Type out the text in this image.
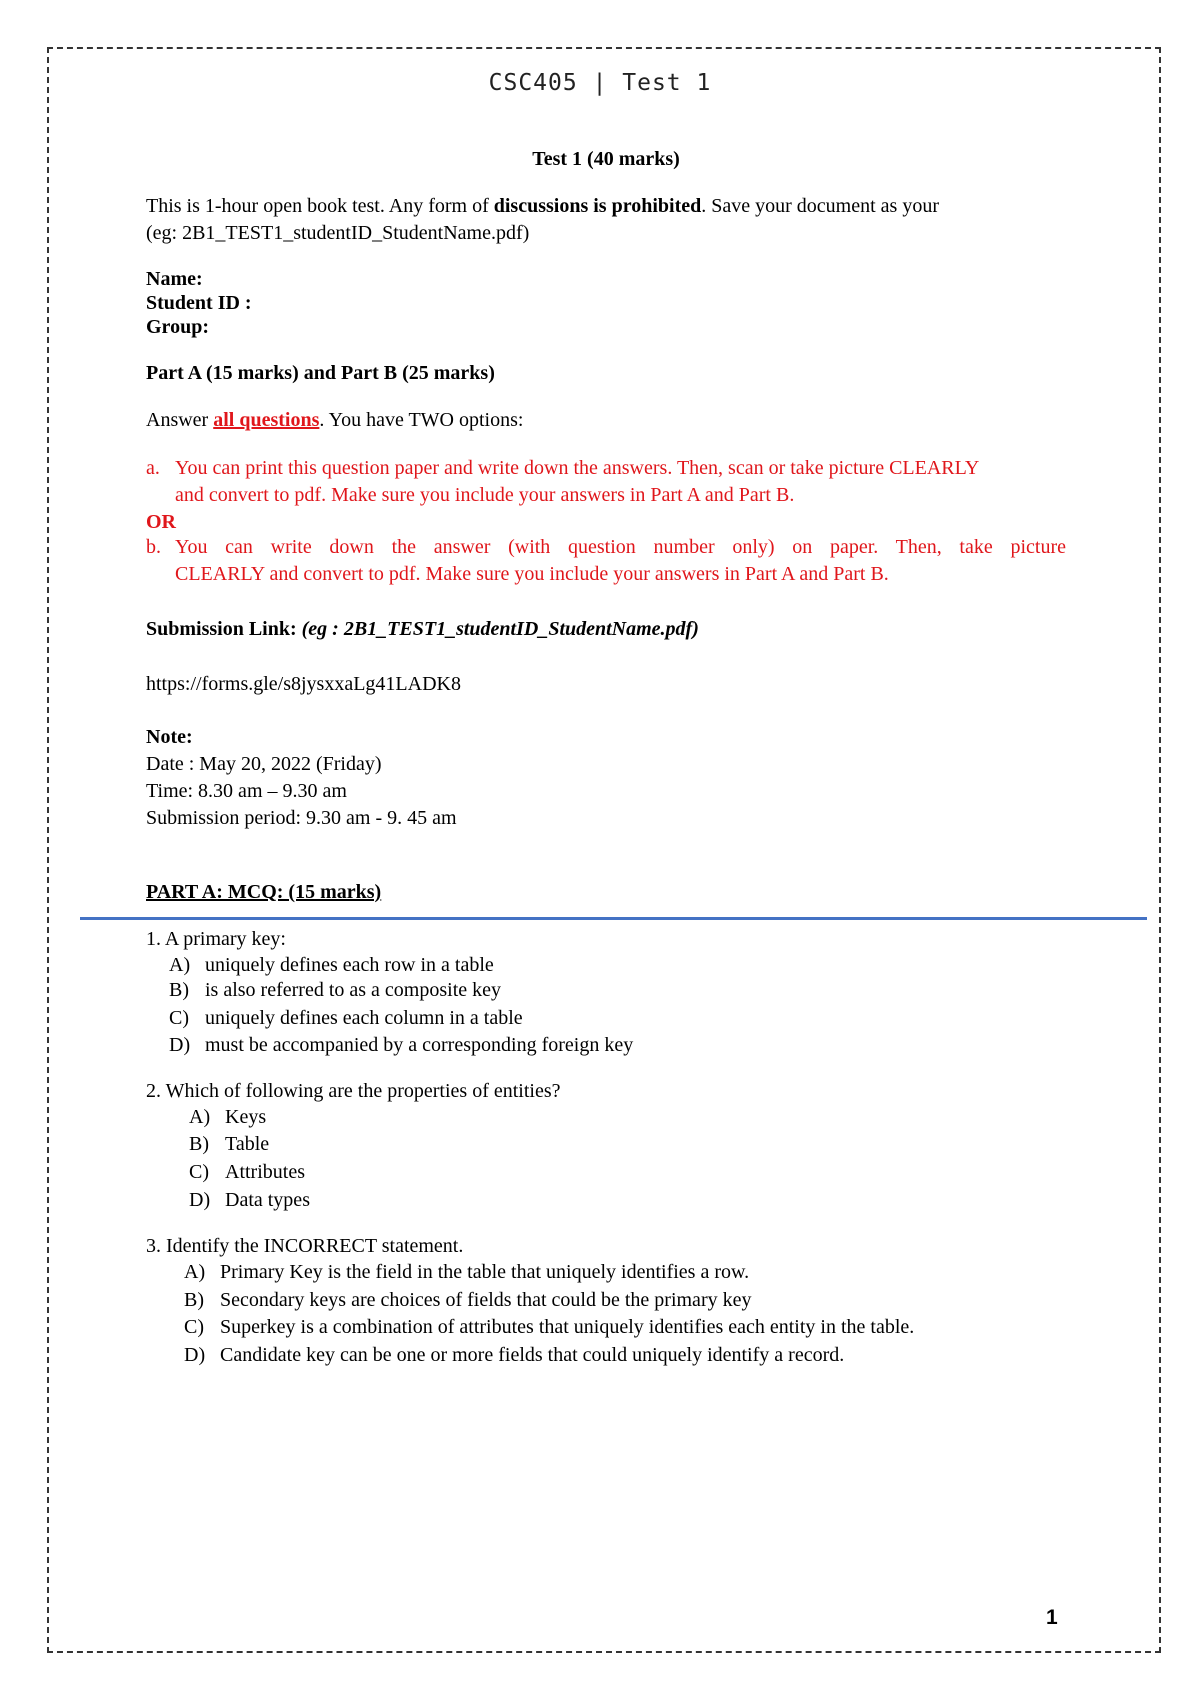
CSC405 | Test 1

Test 1 (40 marks)

This is 1-hour open book test. Any form of discussions is prohibited. Save your document as your

(eg: 2B1_TEST1_studentID_StudentName.pdf)

Name:

Student ID :

Group:

Part A (15 marks) and Part B (25 marks)

Answer all questions. You have TWO options:

a. You can print this question paper and write down the answers. Then, scan or take picture CLEARLY
and convert to pdf. Make sure you include your answers in Part A and Part B.

OR

b. You can write down the answer (with question number only) on paper. Then, take picture
CLEARLY and convert to pdf. Make sure you include your answers in Part A and Part B.

Submission Link: (eg : 2B1_TEST1_studentID_StudentName.pdf)

https://forms.gle/s8jysxxaLg41LADK8

Note:

Date : May 20, 2022 (Friday)

Time: 8.30 am – 9.30 am

Submission period: 9.30 am - 9. 45 am

PART A: MCQ: (15 marks)

1. A primary key:

A) uniquely defines each row in a table
B) is also referred to as a composite key
C) uniquely defines each column in a table
D) must be accompanied by a corresponding foreign key

2. Which of following are the properties of entities?

A) Keys
B) Table
C) Attributes
D) Data types

3. Identify the INCORRECT statement.

A) Primary Key is the field in the table that uniquely identifies a row.
B) Secondary keys are choices of fields that could be the primary key
C) Superkey is a combination of attributes that uniquely identifies each entity in the table.
D) Candidate key can be one or more fields that could uniquely identify a record.
1
